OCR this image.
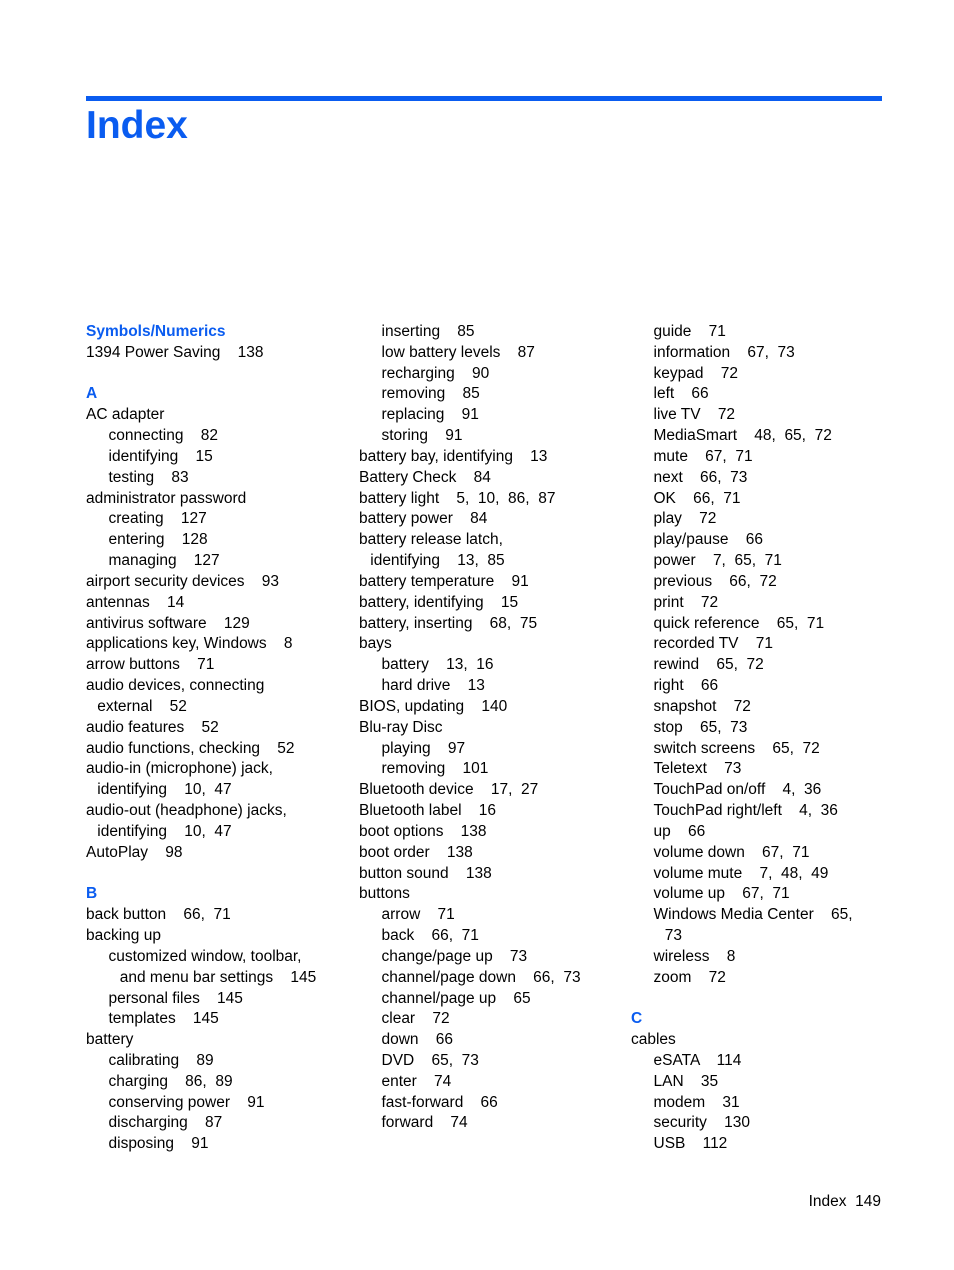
Index
Symbols/Numerics
1394 Power Saving    138
A
AC adapter
connecting    82
identifying    15
testing    83
administrator password
creating    127
entering    128
managing    127
airport security devices    93
antennas    14
antivirus software    129
applications key, Windows    8
arrow buttons    71
audio devices, connecting
external    52
audio features    52
audio functions, checking    52
audio-in (microphone) jack,
identifying    10,  47
audio-out (headphone) jacks,
identifying    10,  47
AutoPlay    98
B
back button    66,  71
backing up
customized window, toolbar,
and menu bar settings    145
personal files    145
templates    145
battery
calibrating    89
charging    86,  89
conserving power    91
discharging    87
disposing    91
inserting    85
low battery levels    87
recharging    90
removing    85
replacing    91
storing    91
battery bay, identifying    13
Battery Check    84
battery light    5,  10,  86,  87
battery power    84
battery release latch,
identifying    13,  85
battery temperature    91
battery, identifying    15
battery, inserting    68,  75
bays
battery    13,  16
hard drive    13
BIOS, updating    140
Blu-ray Disc
playing    97
removing    101
Bluetooth device    17,  27
Bluetooth label    16
boot options    138
boot order    138
button sound    138
buttons
arrow    71
back    66,  71
change/page up    73
channel/page down    66,  73
channel/page up    65
clear    72
down    66
DVD    65,  73
enter    74
fast-forward    66
forward    74
guide    71
information    67,  73
keypad    72
left    66
live TV    72
MediaSmart    48,  65,  72
mute    67,  71
next    66,  73
OK    66,  71
play    72
play/pause    66
power    7,  65,  71
previous    66,  72
print    72
quick reference    65,  71
recorded TV    71
rewind    65,  72
right    66
snapshot    72
stop    65,  73
switch screens    65,  72
Teletext    73
TouchPad on/off    4,  36
TouchPad right/left    4,  36
up    66
volume down    67,  71
volume mute    7,  48,  49
volume up    67,  71
Windows Media Center    65,
73
wireless    8
zoom    72
C
cables
eSATA    114
LAN    35
modem    31
security    130
USB    112
Index 149
